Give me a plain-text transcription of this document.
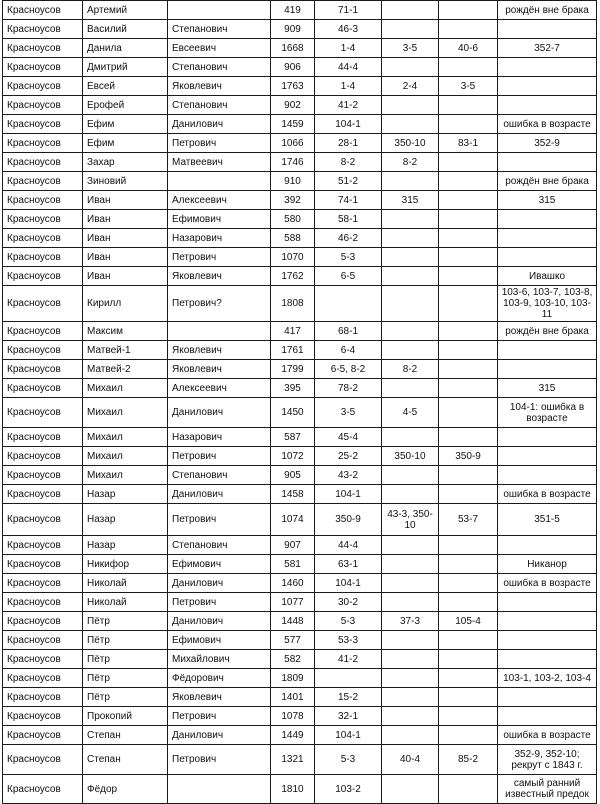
Красноусов	Артемий		419	71-1				рождён вне брака

Красноусов	Василий	Степанович	909	46-3			

Красноусов	Данила	Евсеевич	1668	1-4	3-5	40-6		352-7

Красноусов	Дмитрий	Степанович	906	44-4			

Красноусов	Евсей	Яковлевич	1763	1-4	2-4	3-5	

Красноусов	Ерофей	Степанович	902	41-2			

Красноусов	Ефим	Данилович	1459	104-1				ошибка в возрасте

Красноусов	Ефим	Петрович	1066	28-1	350-10	83-1		352-9

Красноусов	Захар	Матвеевич	1746	8-2	8-2		

Красноусов	Зиновий		910	51-2				рождён вне брака

Красноусов	Иван	Алексеевич	392	74-1	315			315

Красноусов	Иван	Ефимович	580	58-1			

Красноусов	Иван	Назарович	588	46-2			

Красноусов	Иван	Петрович	1070	5-3			

Красноусов	Иван	Яковлевич	1762	6-5				Ивашко

Красноусов	Кирилл	Петрович?	1808					103-6, 103-7, 103-8, 103-9, 103-10, 103-11

Красноусов	Максим		417	68-1				рождён вне брака

Красноусов	Матвей-1	Яковлевич	1761	6-4			

Красноусов	Матвей-2	Яковлевич	1799	6-5, 8-2	8-2		

Красноусов	Михаил	Алексеевич	395	78-2				315

Красноусов	Михаил	Данилович	1450	3-5	4-5			104-1: ошибка в возрасте

Красноусов	Михаил	Назарович	587	45-4			

Красноусов	Михаил	Петрович	1072	25-2	350-10	350-9	

Красноусов	Михаил	Степанович	905	43-2			

Красноусов	Назар	Данилович	1458	104-1				ошибка в возрасте

Красноусов	Назар	Петрович	1074	350-9	43-3, 350-10	53-7		351-5

Красноусов	Назар	Степанович	907	44-4			

Красноусов	Никифор	Ефимович	581	63-1				Никанор

Красноусов	Николай	Данилович	1460	104-1				ошибка в возрасте

Красноусов	Николай	Петрович	1077	30-2			

Красноусов	Пётр	Данилович	1448	5-3	37-3	105-4	

Красноусов	Пётр	Ефимович	577	53-3			

Красноусов	Пётр	Михайлович	582	41-2			

Красноусов	Пётр	Фёдорович	1809					103-1, 103-2, 103-4

Красноусов	Пётр	Яковлевич	1401	15-2			

Красноусов	Прокопий	Петрович	1078	32-1			

Красноусов	Степан	Данилович	1449	104-1				ошибка в возрасте

Красноусов	Степан	Петрович	1321	5-3	40-4	85-2		352-9, 352-10; рекрут с 1843 г.

Красноусов	Фёдор		1810	103-2				самый ранний известный предок
